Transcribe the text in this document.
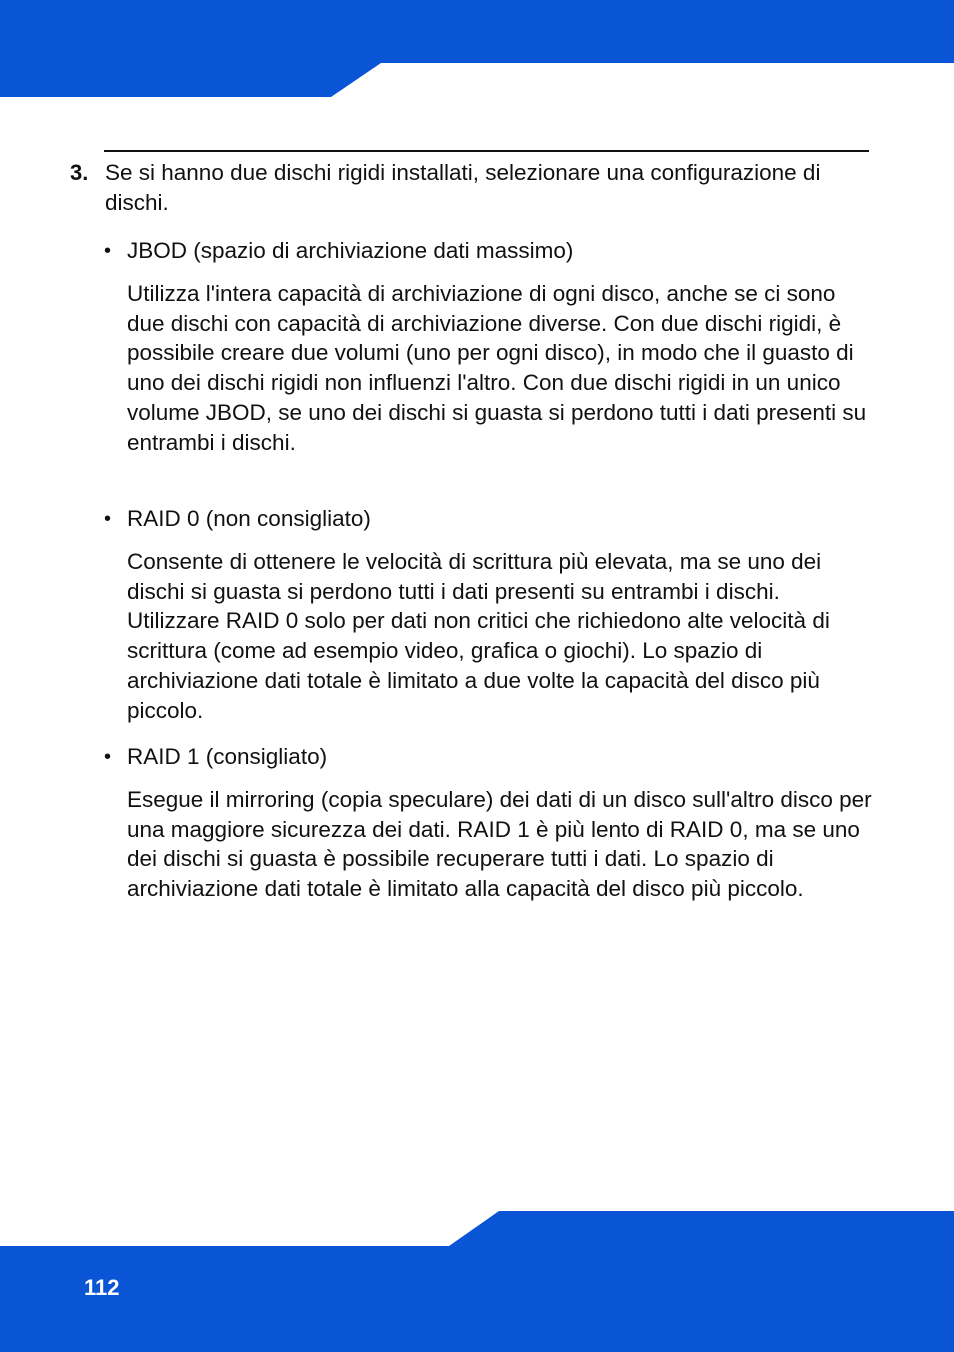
3. Se si hanno due dischi rigidi installati, selezionare una configurazione di dischi.
• JBOD (spazio di archiviazione dati massimo)
Utilizza l'intera capacità di archiviazione di ogni disco, anche se ci sono due dischi con capacità di archiviazione diverse. Con due dischi rigidi, è possibile creare due volumi (uno per ogni disco), in modo che il guasto di uno dei dischi rigidi non influenzi l'altro. Con due dischi rigidi in un unico volume JBOD, se uno dei dischi si guasta si perdono tutti i dati presenti su entrambi i dischi.
• RAID 0 (non consigliato)
Consente di ottenere le velocità di scrittura più elevata, ma se uno dei dischi si guasta si perdono tutti i dati presenti su entrambi i dischi. Utilizzare RAID 0 solo per dati non critici che richiedono alte velocità di scrittura (come ad esempio video, grafica o giochi). Lo spazio di archiviazione dati totale è limitato a due volte la capacità del disco più piccolo.
• RAID 1 (consigliato)
Esegue il mirroring (copia speculare) dei dati di un disco sull'altro disco per una maggiore sicurezza dei dati. RAID 1 è più lento di RAID 0, ma se uno dei dischi si guasta è possibile recuperare tutti i dati. Lo spazio di archiviazione dati totale è limitato alla capacità del disco più piccolo.
112
